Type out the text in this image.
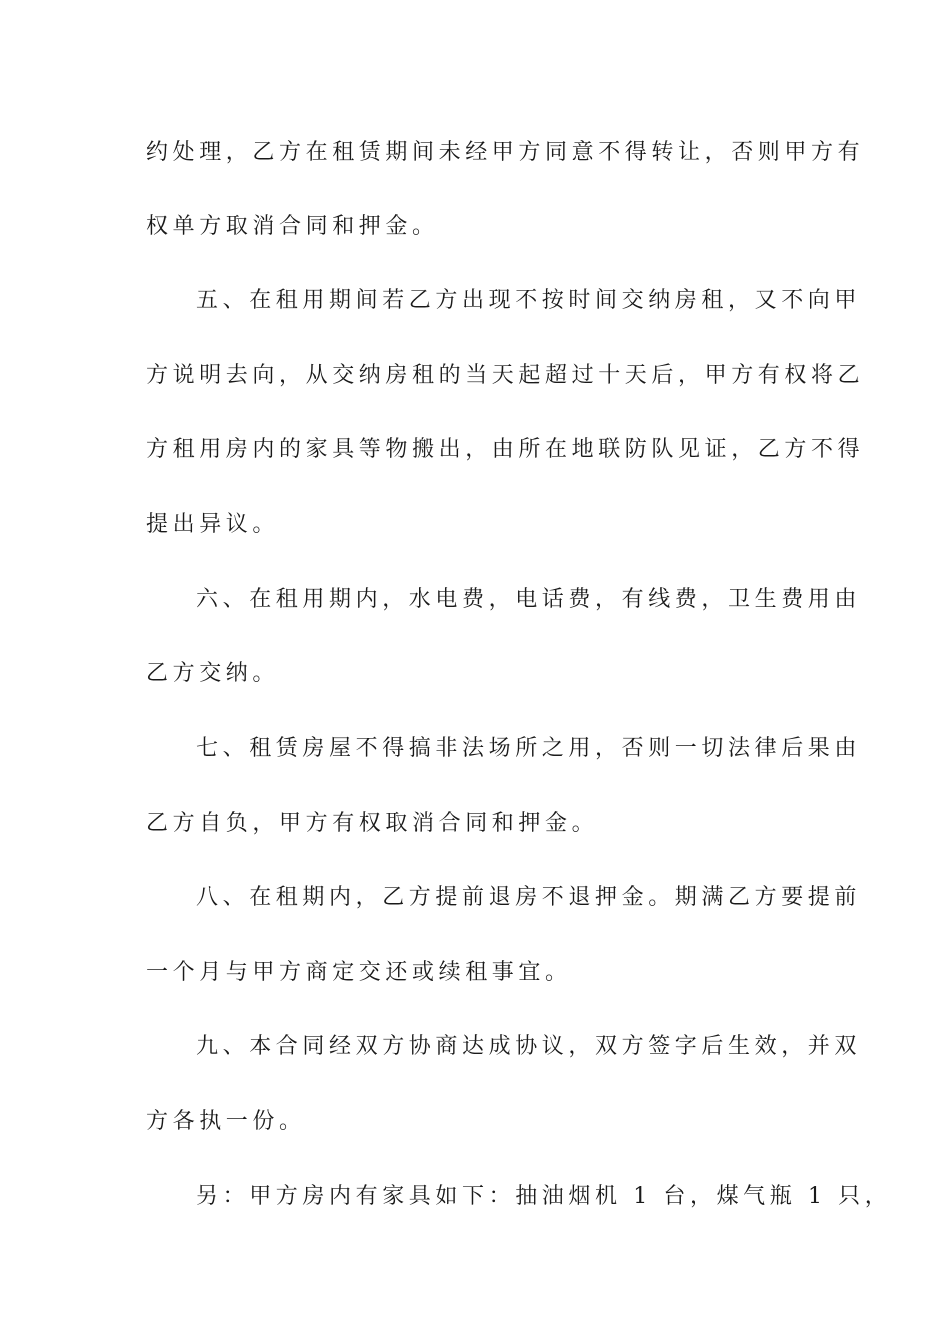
约处理，乙方在租赁期间未经甲方同意不得转让，否则甲方有
权单方取消合同和押金。
五、在租用期间若乙方出现不按时间交纳房租，又不向甲
方说明去向，从交纳房租的当天起超过十天后，甲方有权将乙
方租用房内的家具等物搬出，由所在地联防队见证，乙方不得
提出异议。
六、在租用期内，水电费，电话费，有线费，卫生费用由
乙方交纳。
七、租赁房屋不得搞非法场所之用，否则一切法律后果由
乙方自负，甲方有权取消合同和押金。
八、在租期内，乙方提前退房不退押金。期满乙方要提前
一个月与甲方商定交还或续租事宜。
九、本合同经双方协商达成协议，双方签字后生效，并双
方各执一份。
另：甲方房内有家具如下：抽油烟机 1 台，煤气瓶 1 只，
